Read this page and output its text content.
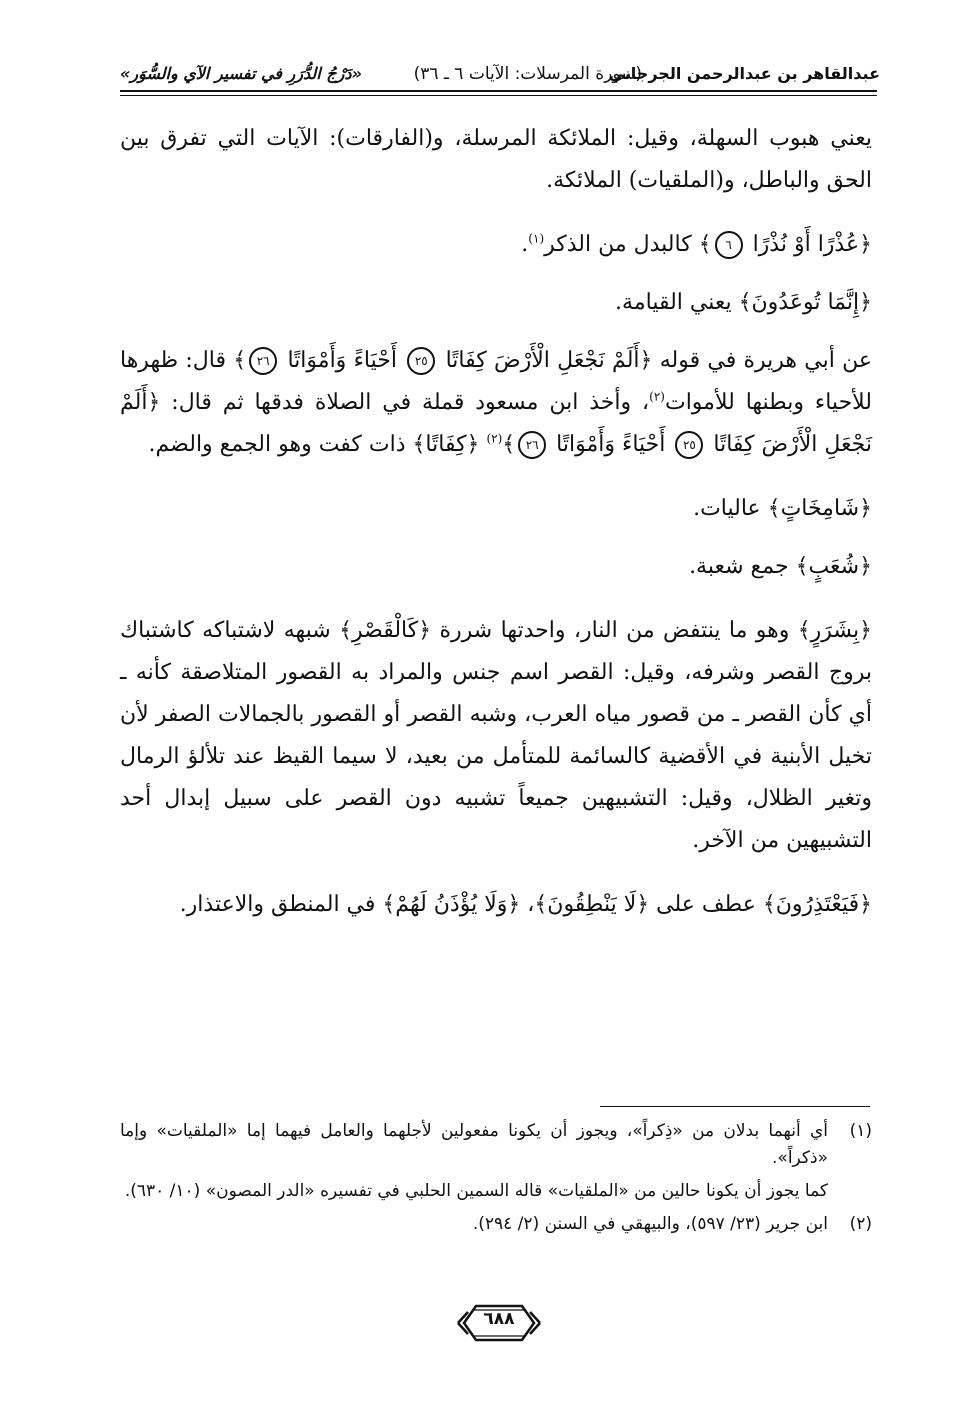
عبدالقاهر بن عبدالرحمن الجرجاني
(سورة المرسلات: الآيات ٦ ـ ٣٦)
«دَرْجُ الدُّرَرِ في تفسير الآي والسُّوَر»

يعني هبوب السهلة، وقيل: الملائكة المرسلة، و(الفارقات): الآيات التي تفرق بين الحق والباطل، و(الملقيات) الملائكة.

﴿عُذْرًا أَوْ نُذْرًا ٦﴾ كالبدل من الذكر$^{(١)}$.

﴿إِنَّمَا تُوعَدُونَ﴾ يعني القيامة.

عن أبي هريرة في قوله ﴿أَلَمْ نَجْعَلِ الْأَرْضَ كِفَاتًا ٢٥ أَحْيَاءً وَأَمْوَاتًا ٢٦﴾ قال: ظهرها للأحياء وبطنها للأموات$^{(٢)}$، وأخذ ابن مسعود قملة في الصلاة فدقها ثم قال: ﴿أَلَمْ نَجْعَلِ الْأَرْضَ كِفَاتًا ٢٥ أَحْيَاءً وَأَمْوَاتًا ٢٦﴾$^{(٢)}$ ﴿كِفَاتًا﴾ ذات كفت وهو الجمع والضم.

﴿شَامِخَاتٍ﴾ عاليات.

﴿شُعَبٍ﴾ جمع شعبة.

﴿بِشَرَرٍ﴾ وهو ما ينتفض من النار، واحدتها شررة ﴿كَالْقَصْرِ﴾ شبهه لاشتباكه كاشتباك بروج القصر وشرفه، وقيل: القصر اسم جنس والمراد به القصور المتلاصقة كأنه ـ أي كأن القصر ـ من قصور مياه العرب، وشبه القصر أو القصور بالجمالات الصفر لأن تخيل الأبنية في الأقضية كالسائمة للمتأمل من بعيد، لا سيما القيظ عند تلألؤ الرمال وتغير الظلال، وقيل: التشبيهين جميعاً تشبيه دون القصر على سبيل إبدال أحد التشبيهين من الآخر.

﴿فَيَعْتَذِرُونَ﴾ عطف على ﴿لَا يَنْطِقُونَ﴾، ﴿وَلَا يُؤْذَنُ لَهُمْ﴾ في المنطق والاعتذار.

(١)
أي أنهما بدلان من «ذِكراً»، ويجوز أن يكونا مفعولين لأجلهما والعامل فيهما إما «الملقيات» وإما «ذكراً».
كما يجوز أن يكونا حالين من «الملقيات» قاله السمين الحلبي في تفسيره «الدر المصون» (١٠/ ٦٣٠).
(٢)
ابن جرير (٢٣/ ٥٩٧)، والبيهقي في السنن (٢/ ٢٩٤).
٦٨٨
